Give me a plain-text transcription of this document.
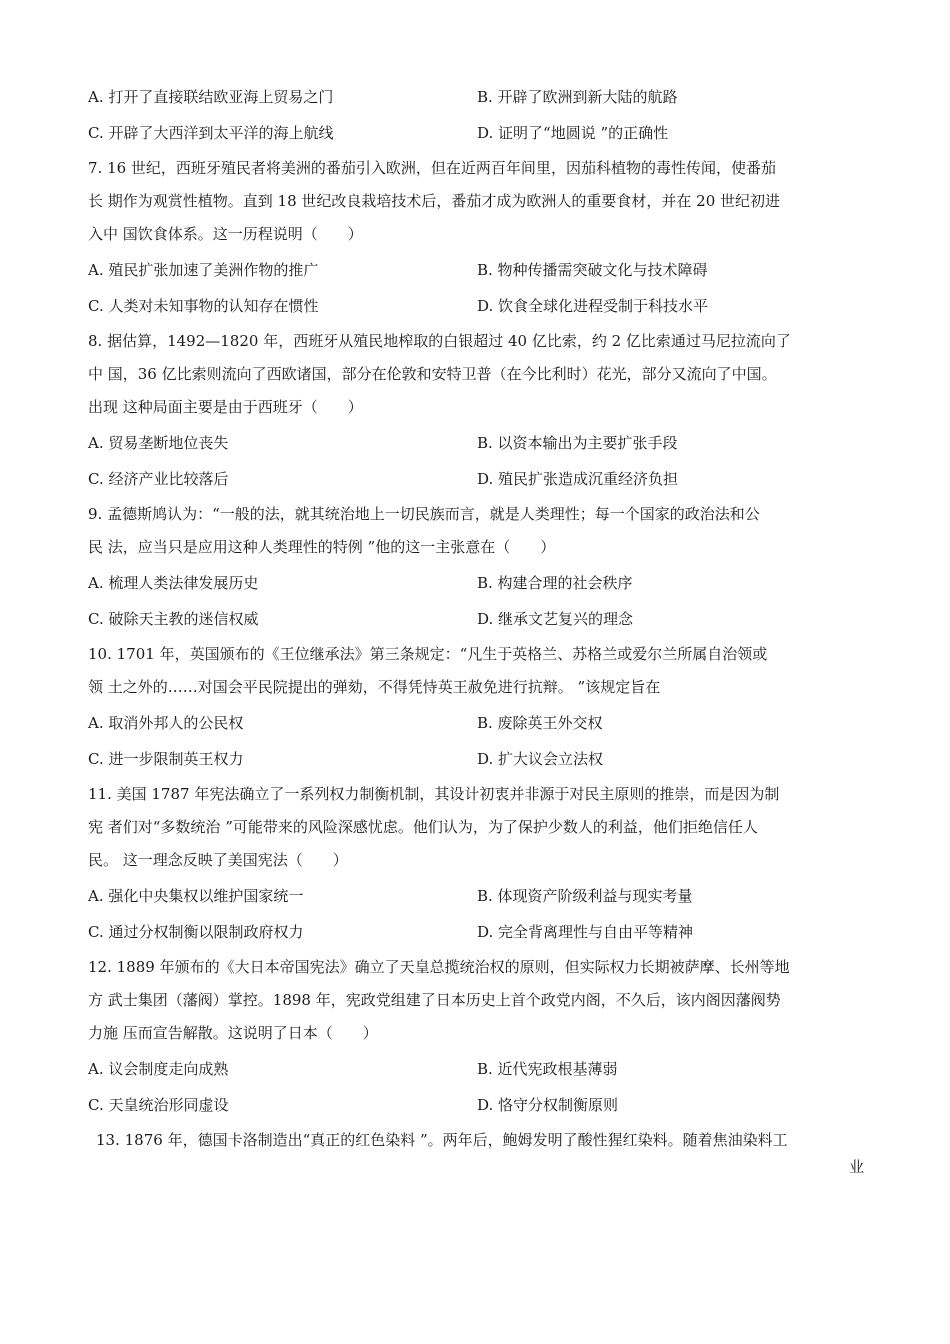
A. 打开了直接联结欧亚海上贸易之门	B. 开辟了欧洲到新大陆的航路
C. 开辟了大西洋到太平洋的海上航线	D. 证明了“地圆说 ”的正确性
7. 16 世纪，西班牙殖民者将美洲的番茄引入欧洲，但在近两百年间里，因茄科植物的毒性传闻，使番茄
长 期作为观赏性植物。直到 18 世纪改良栽培技术后，番茄才成为欧洲人的重要食材，并在 20 世纪初进
入中 国饮食体系。这一历程说明（　　）
A. 殖民扩张加速了美洲作物的推广	B. 物种传播需突破文化与技术障碍
C. 人类对未知事物的认知存在惯性	D. 饮食全球化进程受制于科技水平
8. 据估算，1492—1820 年，西班牙从殖民地榨取的白银超过 40 亿比索，约 2 亿比索通过马尼拉流向了
中 国，36 亿比索则流向了西欧诸国，部分在伦敦和安特卫普（在今比利时）花光，部分又流向了中国。
出现 这种局面主要是由于西班牙（　　）
A. 贸易垄断地位丧失	B. 以资本输出为主要扩张手段
C. 经济产业比较落后	D. 殖民扩张造成沉重经济负担
9. 孟德斯鸠认为：“一般的法，就其统治地上一切民族而言，就是人类理性；每一个国家的政治法和公
民 法，应当只是应用这种人类理性的特例 ”他的这一主张意在（　　）
A. 梳理人类法律发展历史	B. 构建合理的社会秩序
C. 破除天主教的迷信权威	D. 继承文艺复兴的理念
10. 1701 年，英国颁布的《王位继承法》第三条规定：“凡生于英格兰、苏格兰或爱尔兰所属自治领或
领 土之外的……对国会平民院提出的弹劾，不得凭恃英王赦免进行抗辩。 ”该规定旨在
A. 取消外邦人的公民权	B. 废除英王外交权
C. 进一步限制英王权力	D. 扩大议会立法权
11. 美国 1787 年宪法确立了一系列权力制衡机制，其设计初衷并非源于对民主原则的推崇，而是因为制
宪 者们对“多数统治 ”可能带来的风险深感忧虑。他们认为，为了保护少数人的利益，他们拒绝信任人
民。 这一理念反映了美国宪法（　　）
A. 强化中央集权以维护国家统一	B. 体现资产阶级利益与现实考量
C. 通过分权制衡以限制政府权力	D. 完全背离理性与自由平等精神
12. 1889 年颁布的《大日本帝国宪法》确立了天皇总揽统治权的原则，但实际权力长期被萨摩、长州等地
方 武士集团（藩阀）掌控。1898 年，宪政党组建了日本历史上首个政党内阁，不久后，该内阁因藩阀势
力施 压而宣告解散。这说明了日本（　　）
A. 议会制度走向成熟	B. 近代宪政根基薄弱
C. 天皇统治形同虚设	D. 恪守分权制衡原则
13. 1876 年，德国卡洛制造出“真正的红色染料 ”。两年后，鲍姆发明了酸性猩红染料。随着焦油染料工
业
